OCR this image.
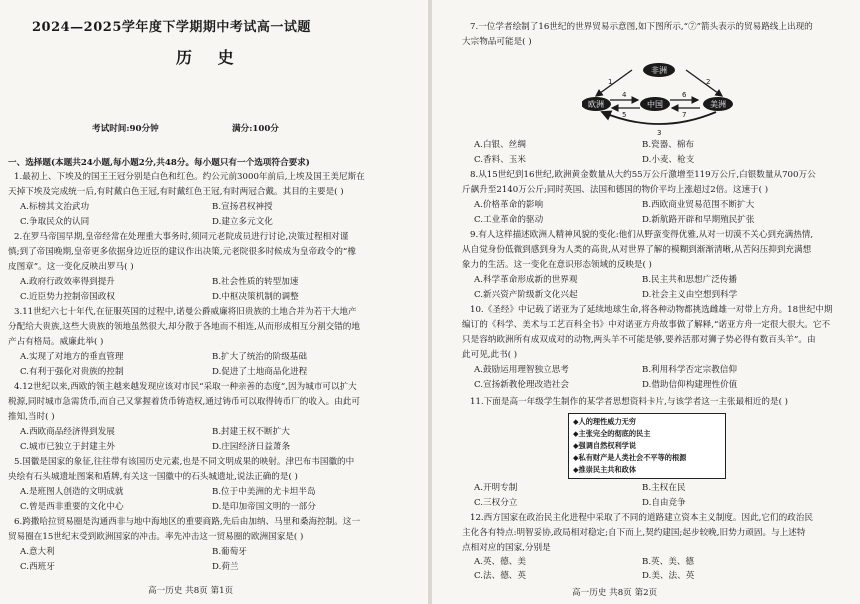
2024—2025学年度下学期期中考试高一试题
历 史
考试时间:90分钟	满分:100分
一、选择题(本题共24小题,每小题2分,共48分。每小题只有一个选项符合要求)
1.最初上、下埃及的国王王冠分别是白色和红色。约公元前3000年前后,上埃及国王美尼斯在
天掉下埃及完成统一后,有时戴白色王冠,有时戴红色王冠,有时两冠合戴。其目的主要是( )
A.标榜其文治武功	B.宣扬君权神授
C.争取民众的认同	D.建立多元文化
2.在罗马帝国早期,皇帝经常在处理重大事务时,须同元老院成员进行讨论,决策过程相对谨
慎;到了帝国晚期,皇帝更多依据身边近臣的建议作出决策,元老院很多时候成为皇帝政令的“橡
皮图章”。这一变化反映出罗马( )
A.政府行政效率得到提升	B.社会性质的转型加速
C.近臣势力控制帝国政权	D.中枢决策机制的调整
3.11世纪六七十年代,在征服英国的过程中,诺曼公爵威廉将旧贵族的土地合并为若干大地产
分配给大贵族,这些大贵族的领地虽然很大,却分散于各地而不相连,从而形成相互分割交错的地
产占有格局。威廉此举( )
A.实现了对地方的垂直管理	B.扩大了统治的阶级基础
C.有利于强化对贵族的控制	D.促进了土地商品化进程
4.12世纪以来,西欧的领主越来越发现应该对市民“采取一种亲善的态度”,因为城市可以扩大
税源,同时城市急需货币,而自己又掌握着货币铸造权,通过铸币可以取得铸币厂的收入。由此可
推知,当时( )
A.西欧商品经济得到发展	B.封建王权不断扩大
C.城市已独立于封建主外	D.庄园经济日益萧条
5.国徽是国家的象征,往往带有该国历史元素,也是不同文明成果的映射。津巴布韦国徽的中
央绘有石头城遗址图案和盾牌,有关这一国徽中的石头城遗址,说法正确的是( )
A.是班图人创造的文明成就	B.位于中美洲的尤卡坦半岛
C.曾是西非重要的文化中心	D.是印加帝国文明的一部分
6.跨撒哈拉贸易圈是沟通西非与地中海地区的重要商路,先后由加纳、马里和桑海控制。这一
贸易圈在15世纪末受到欧洲国家的冲击。率先冲击这一贸易圈的欧洲国家是( )
A.意大利	B.葡萄牙
C.西班牙	D.荷兰
高一历史 共8页 第1页
7.一位学者绘制了16世纪的世界贸易示意图,如下图所示,“⑦”箭头表示的贸易路线上出现的
大宗物品可能是( )
非洲
欧洲	中国	美洲
1	2
3
4
5
6
7
A.白银、丝绸	B.瓷器、棉布
C.香料、玉米	D.小麦、枪支
8.从15世纪到16世纪,欧洲黄金数量从大约55万公斤激增至119万公斤,白银数量从700万公
斤飙升至2140万公斤;同时英国、法国和德国的物价平均上涨超过2倍。这速于( )
A.价格革命的影响	B.西欧商业贸易范围不断扩大
C.工业革命的驱动	D.新航路开辟和早期殖民扩张
9.有人这样描述欧洲人精神风貌的变化:他们从野蛮变得优雅,从对一切漠不关心到充满热情,
从自觉身份低微到感到身为人类的高贵,从对世界了解的模糊到渐渐清晰,从苦闷压抑到充满想
象力的生活。这一变化在意识形态领域的反映是( )
A.科学革命形成新的世界观	B.民主共和思想广泛传播
C.新兴资产阶级新文化兴起	D.社会主义由空想到科学
10.《圣经》中记载了诺亚为了延续地球生命,将各种动物都挑选雌雄一对带上方舟。18世纪中期
编订的《科学、美术与工艺百科全书》中对诺亚方舟故事做了解释,“诺亚方舟一定很大很大。它不
只是容纳欧洲所有成双成对的动物,两头羊不可能是够,要养活那对狮子势必得有数百头羊”。由
此可见,此书( )
A.鼓励运用理智独立思考	B.利用科学否定宗教信仰
C.宣扬新教伦理改造社会	D.借助信仰构建理性价值
11.下面是高一年级学生制作的某学者思想资料卡片,与该学者这一主张最相近的是( )
◆人的理性威力无穷
◆主张完全的彻底的民主
◆强调自然权利学说
◆私有财产是人类社会不平等的根源
◆推崇民主共和政体
A.开明专制	B.主权在民
C.三权分立	D.自由竞争
12.西方国家在政治民主化进程中采取了不同的道路建立资本主义制度。因此,它们的政治民
主化各有特点:明智妥协,政局相对稳定;自下而上,契约建国;起步较晚,旧势力顽固。与上述特
点相对应的国家,分别是
A.英、德、美	B.英、美、德
C.法、德、英	D.美、法、英
高一历史 共8页 第2页
